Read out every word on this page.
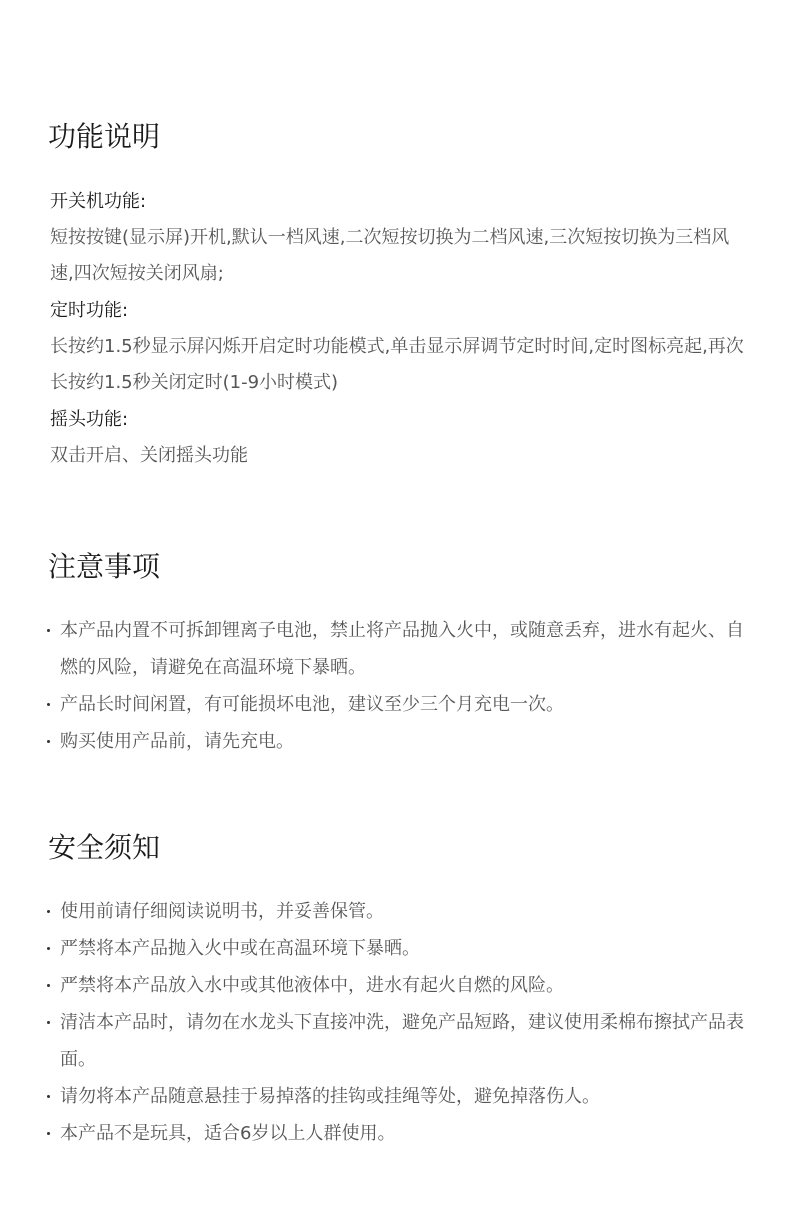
功能说明
开关机功能:

短按按键(显示屏)开机,默认一档风速,二次短按切换为二档风速,三次短按切换为三档风速,四次短按关闭风扇;

定时功能:

长按约1.5秒显示屏闪烁开启定时功能模式,单击显示屏调节定时时间,定时图标亮起,再次长按约1.5秒关闭定时(1-9小时模式)

摇头功能:

双击开启、关闭摇头功能

注意事项
本产品内置不可拆卸锂离子电池，禁止将产品抛入火中，或随意丢弃，进水有起火、自燃的风险，请避免在高温环境下暴晒。
产品长时间闲置，有可能损坏电池，建议至少三个月充电一次。
购买使用产品前，请先充电。
安全须知
使用前请仔细阅读说明书，并妥善保管。
严禁将本产品抛入火中或在高温环境下暴晒。
严禁将本产品放入水中或其他液体中，进水有起火自燃的风险。
清洁本产品时，请勿在水龙头下直接冲洗，避免产品短路，建议使用柔棉布擦拭产品表面。
请勿将本产品随意悬挂于易掉落的挂钩或挂绳等处，避免掉落伤人。
本产品不是玩具，适合6岁以上人群使用。
